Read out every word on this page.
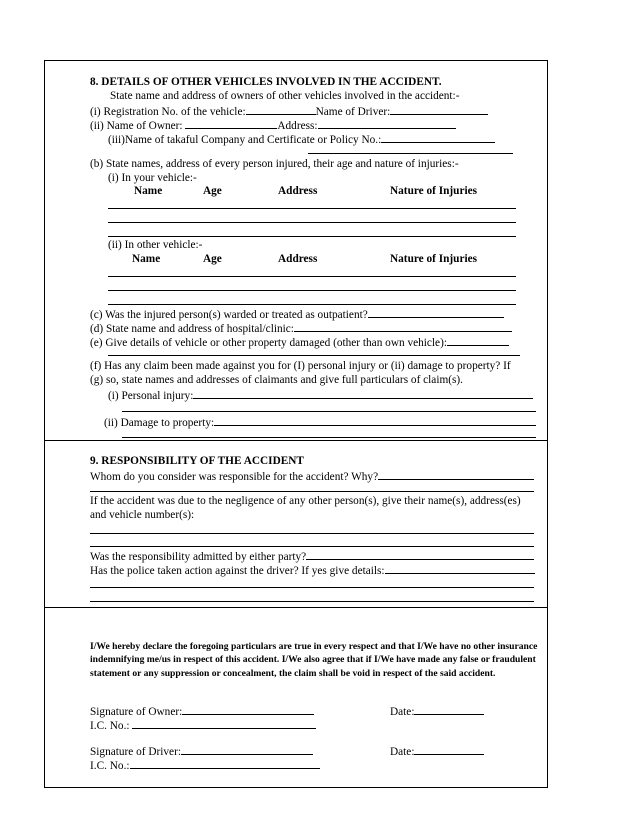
8. DETAILS OF OTHER VEHICLES INVOLVED IN THE ACCIDENT.
State name and address of owners of other vehicles involved in the accident:-
(i) Registration No. of the vehicle:	Name of Driver:
(ii) Name of Owner:	Address:
(iii)Name of takaful Company and Certificate or Policy No.:
(b) State names, address of every person injured, their age and nature of injuries:-
(i) In your vehicle:-
Name	Age	Address	Nature of Injuries
(ii) In other vehicle:-
Name	Age	Address	Nature of Injuries
(c) Was the injured person(s) warded or treated as outpatient?
(d) State name and address of hospital/clinic:
(e) Give details of vehicle or other property damaged (other than own vehicle):
(f) Has any claim been made against you for (I) personal injury or (ii) damage to property? If
(g) so, state names and addresses of claimants and give full particulars of claim(s).
(i) Personal injury:
(ii) Damage to property:
9. RESPONSIBILITY OF THE ACCIDENT
Whom do you consider was responsible for the accident? Why?
If the accident was due to the negligence of any other person(s), give their name(s), address(es)
and vehicle number(s):
Was the responsibility admitted by either party?
Has the police taken action against the driver? If yes give details:
I/We hereby declare the foregoing particulars are true in every respect and that I/We have no other insurance indemnifying me/us in respect of this accident. I/We also agree that if I/We have made any false or fraudulent statement or any suppression or concealment, the claim shall be void in respect of the said accident.
Signature of Owner:	Date:
I.C. No.:
Signature of Driver:	Date:
I.C. No.:
